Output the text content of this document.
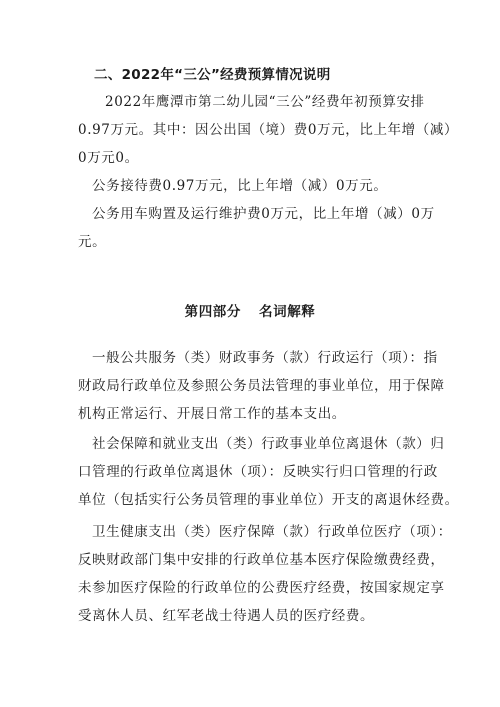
二、2022年“三公”经费预算情况说明
2022年鹰潭市第二幼儿园“三公”经费年初预算安排
0.97万元。其中：因公出国（境）费0万元，比上年增（减）
0万元0。
公务接待费0.97万元，比上年增（减）0万元。
公务用车购置及运行维护费0万元，比上年增（减）0万
元。
第四部分 名词解释
一般公共服务（类）财政事务（款）行政运行（项）：指
财政局行政单位及参照公务员法管理的事业单位，用于保障
机构正常运行、开展日常工作的基本支出。
社会保障和就业支出（类）行政事业单位离退休（款）归
口管理的行政单位离退休（项）：反映实行归口管理的行政
单位（包括实行公务员管理的事业单位）开支的离退休经费。
卫生健康支出（类）医疗保障（款）行政单位医疗（项）：
反映财政部门集中安排的行政单位基本医疗保险缴费经费，
未参加医疗保险的行政单位的公费医疗经费，按国家规定享
受离休人员、红军老战士待遇人员的医疗经费。
